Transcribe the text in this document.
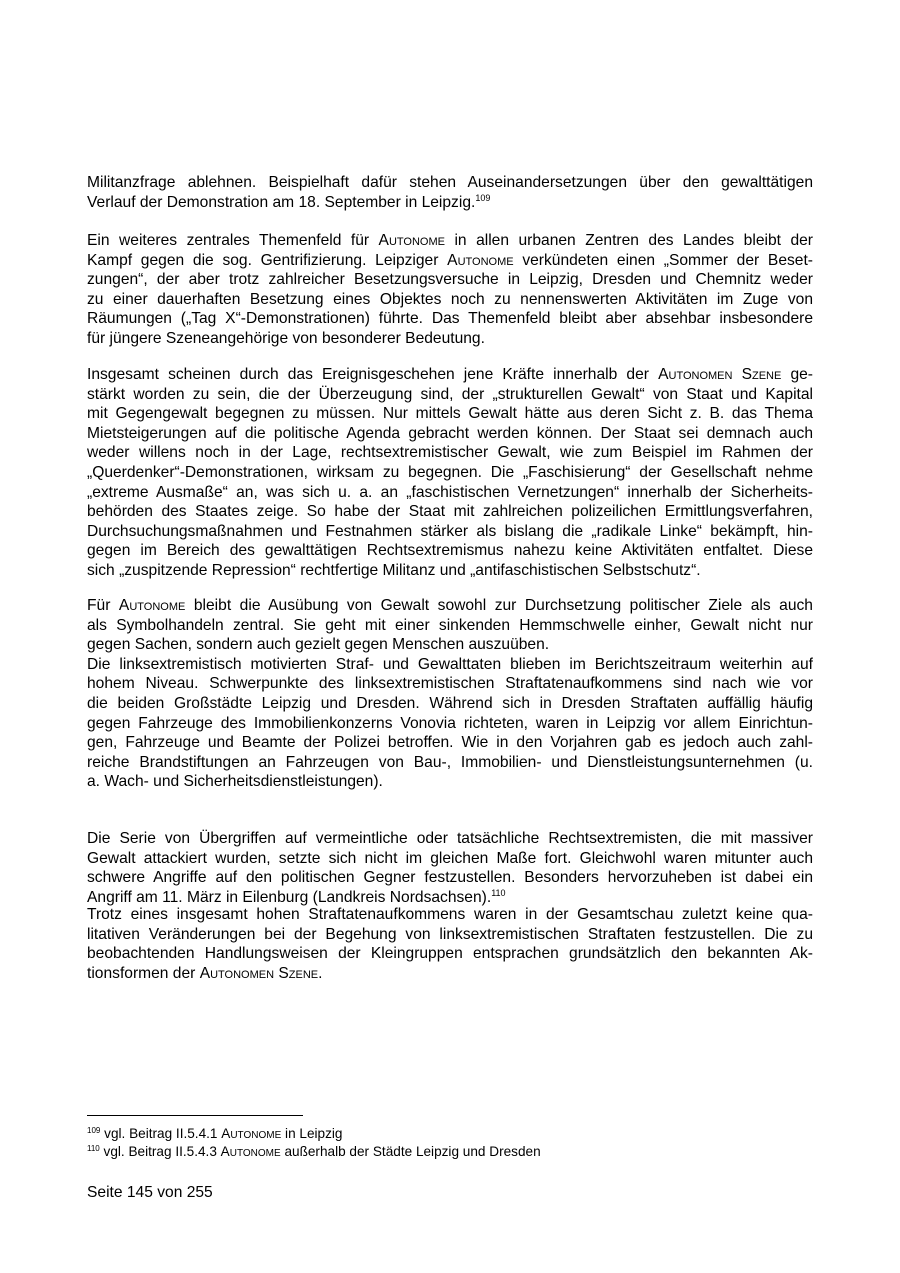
Militanzfrage ablehnen. Beispielhaft dafür stehen Auseinandersetzungen über den gewalttätigen
Verlauf der Demonstration am 18. September in Leipzig.$^{109}$
Ein weiteres zentrales Themenfeld für Autonome in allen urbanen Zentren des Landes bleibt der
Kampf gegen die sog. Gentrifizierung. Leipziger Autonome verkündeten einen „Sommer der Beset-
zungen“, der aber trotz zahlreicher Besetzungsversuche in Leipzig, Dresden und Chemnitz weder
zu einer dauerhaften Besetzung eines Objektes noch zu nennenswerten Aktivitäten im Zuge von
Räumungen („Tag X“-Demonstrationen) führte. Das Themenfeld bleibt aber absehbar insbesondere
für jüngere Szeneangehörige von besonderer Bedeutung.
Insgesamt scheinen durch das Ereignisgeschehen jene Kräfte innerhalb der Autonomen Szene ge-
stärkt worden zu sein, die der Überzeugung sind, der „strukturellen Gewalt“ von Staat und Kapital
mit Gegengewalt begegnen zu müssen. Nur mittels Gewalt hätte aus deren Sicht z. B. das Thema
Mietsteigerungen auf die politische Agenda gebracht werden können. Der Staat sei demnach auch
weder willens noch in der Lage, rechtsextremistischer Gewalt, wie zum Beispiel im Rahmen der
„Querdenker“-Demonstrationen, wirksam zu begegnen. Die „Faschisierung“ der Gesellschaft nehme
„extreme Ausmaße“ an, was sich u. a. an „faschistischen Vernetzungen“ innerhalb der Sicherheits-
behörden des Staates zeige. So habe der Staat mit zahlreichen polizeilichen Ermittlungsverfahren,
Durchsuchungsmaßnahmen und Festnahmen stärker als bislang die „radikale Linke“ bekämpft, hin-
gegen im Bereich des gewalttätigen Rechtsextremismus nahezu keine Aktivitäten entfaltet. Diese
sich „zuspitzende Repression“ rechtfertige Militanz und „antifaschistischen Selbstschutz“.
Für Autonome bleibt die Ausübung von Gewalt sowohl zur Durchsetzung politischer Ziele als auch
als Symbolhandeln zentral. Sie geht mit einer sinkenden Hemmschwelle einher, Gewalt nicht nur
gegen Sachen, sondern auch gezielt gegen Menschen auszuüben.
Die linksextremistisch motivierten Straf- und Gewalttaten blieben im Berichtszeitraum weiterhin auf
hohem Niveau. Schwerpunkte des linksextremistischen Straftatenaufkommens sind nach wie vor
die beiden Großstädte Leipzig und Dresden. Während sich in Dresden Straftaten auffällig häufig
gegen Fahrzeuge des Immobilienkonzerns Vonovia richteten, waren in Leipzig vor allem Einrichtun-
gen, Fahrzeuge und Beamte der Polizei betroffen. Wie in den Vorjahren gab es jedoch auch zahl-
reiche Brandstiftungen an Fahrzeugen von Bau-, Immobilien- und Dienstleistungsunternehmen (u.
a. Wach- und Sicherheitsdienstleistungen).
Die Serie von Übergriffen auf vermeintliche oder tatsächliche Rechtsextremisten, die mit massiver
Gewalt attackiert wurden, setzte sich nicht im gleichen Maße fort. Gleichwohl waren mitunter auch
schwere Angriffe auf den politischen Gegner festzustellen. Besonders hervorzuheben ist dabei ein
Angriff am 11. März in Eilenburg (Landkreis Nordsachsen).$^{110}$
Trotz eines insgesamt hohen Straftatenaufkommens waren in der Gesamtschau zuletzt keine qua-
litativen Veränderungen bei der Begehung von linksextremistischen Straftaten festzustellen. Die zu
beobachtenden Handlungsweisen der Kleingruppen entsprachen grundsätzlich den bekannten Ak-
tionsformen der Autonomen Szene.
$^{109}$ vgl. Beitrag II.5.4.1 Autonome in Leipzig
$^{110}$ vgl. Beitrag II.5.4.3 Autonome außerhalb der Städte Leipzig und Dresden
Seite 145 von 255
